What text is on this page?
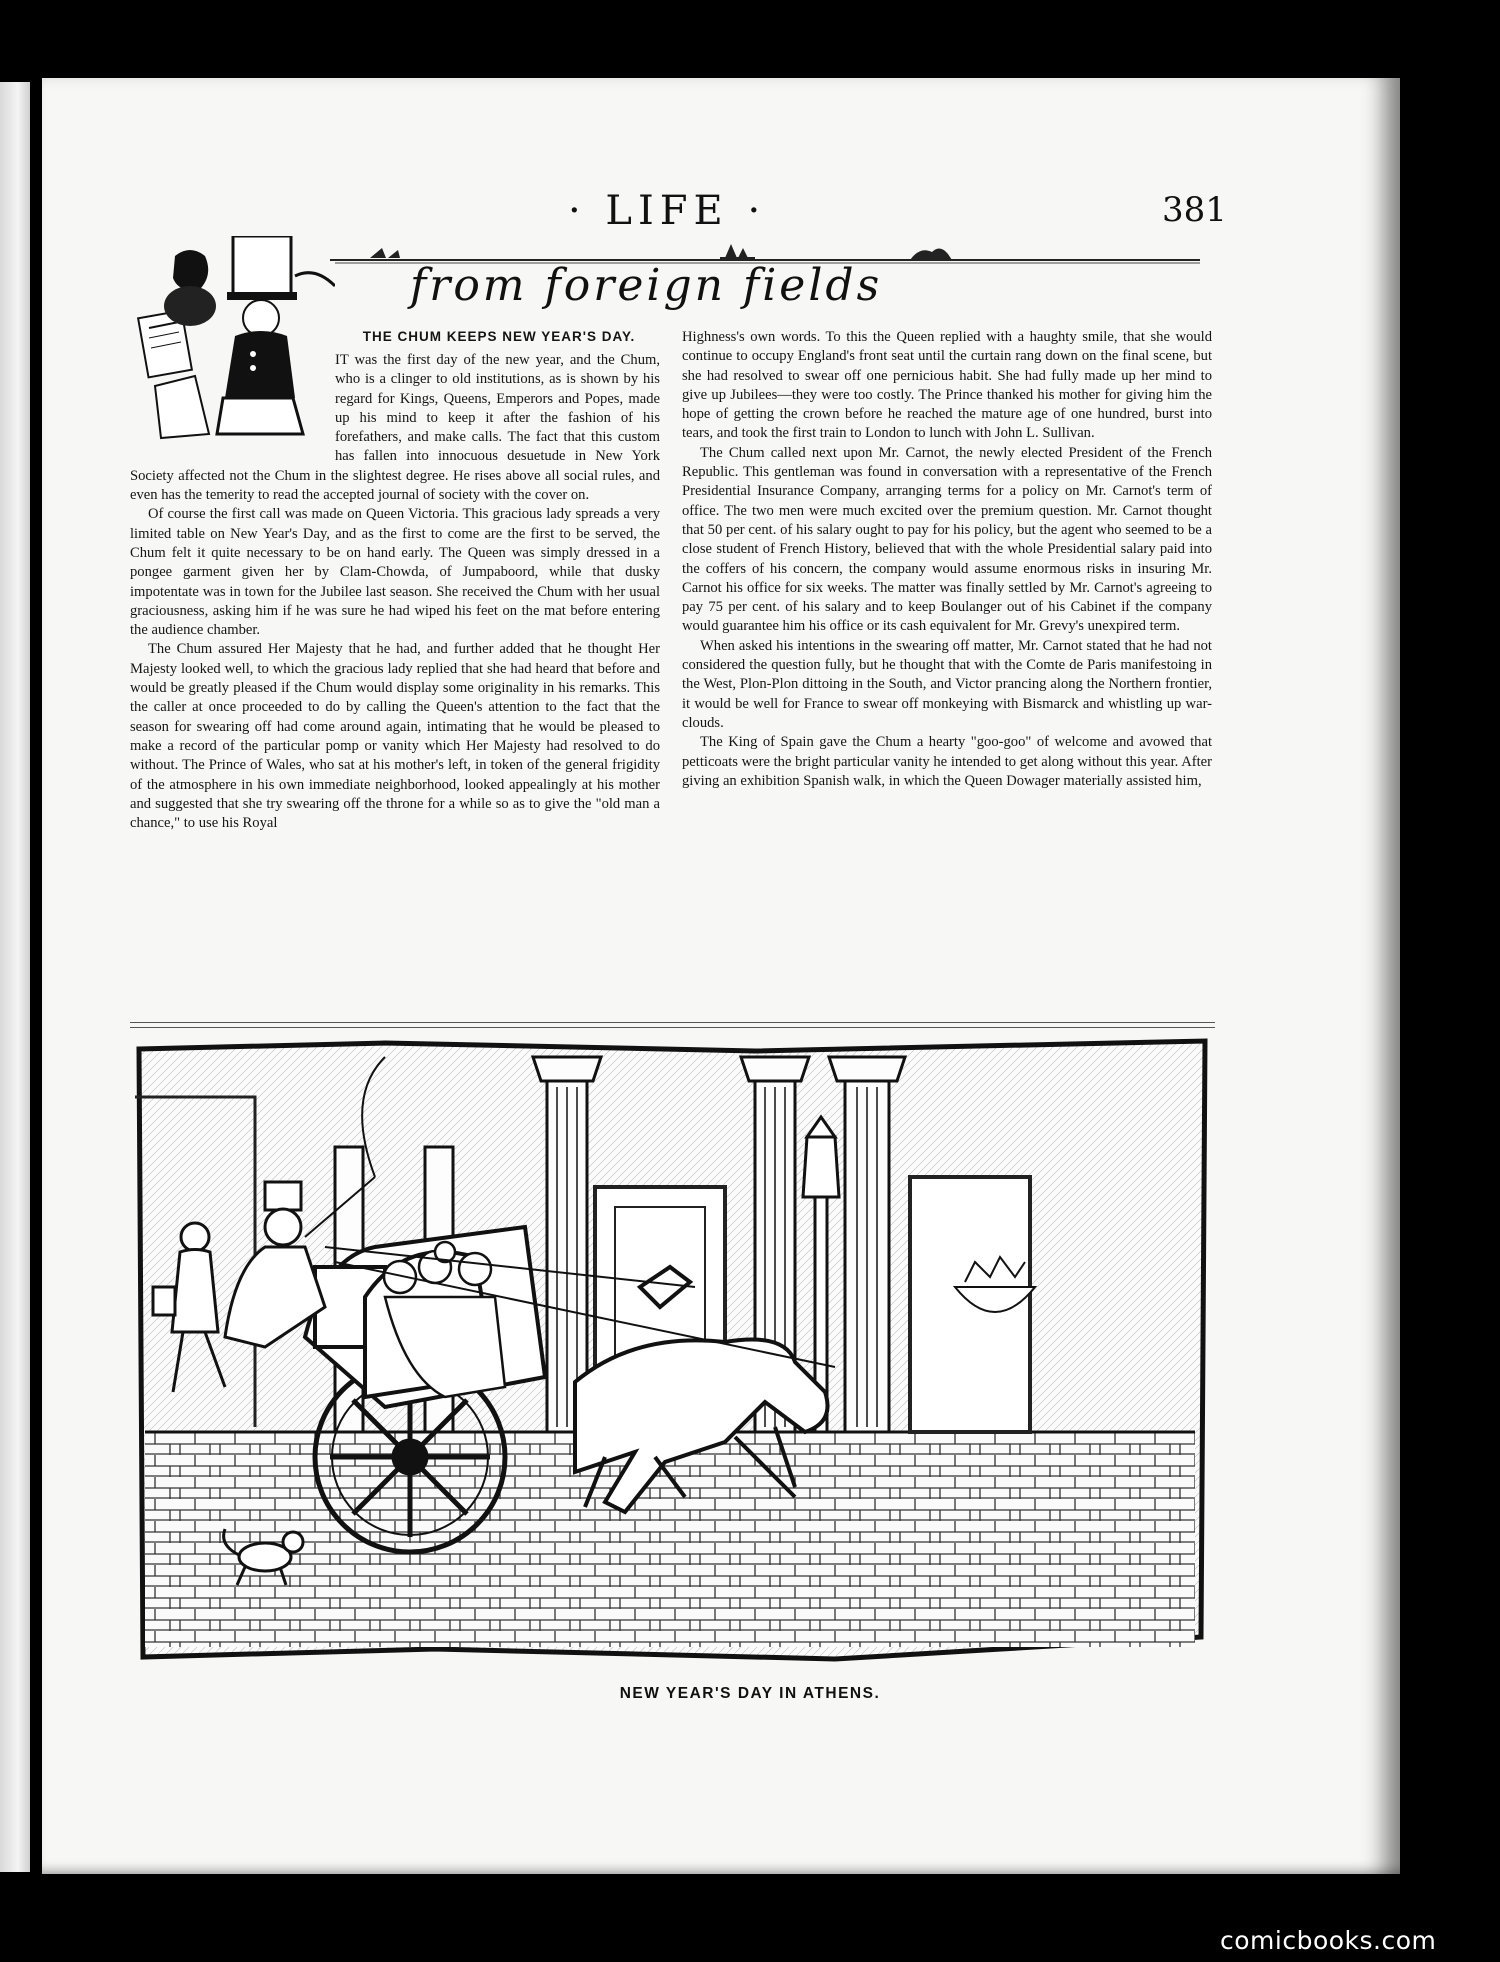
· LIFE ·	381
from foreign fields
THE CHUM KEEPS NEW YEAR'S DAY.

IT was the first day of the new year, and the Chum, who is a clinger to old institutions, as is shown by his regard for Kings, Queens, Emperors and Popes, made up his mind to keep it after the fashion of his forefathers, and make calls. The fact that this custom has fallen into innocuous desuetude in New York Society affected not the Chum in the slightest degree. He rises above all social rules, and even has the temerity to read the accepted journal of society with the cover on.

Of course the first call was made on Queen Victoria. This gracious lady spreads a very limited table on New Year's Day, and as the first to come are the first to be served, the Chum felt it quite necessary to be on hand early. The Queen was simply dressed in a pongee garment given her by Clam-Chowda, of Jumpaboord, while that dusky impotentate was in town for the Jubilee last season. She received the Chum with her usual graciousness, asking him if he was sure he had wiped his feet on the mat before entering the audience chamber.

The Chum assured Her Majesty that he had, and further added that he thought Her Majesty looked well, to which the gracious lady replied that she had heard that before and would be greatly pleased if the Chum would display some originality in his remarks. This the caller at once proceeded to do by calling the Queen's attention to the fact that the season for swearing off had come around again, intimating that he would be pleased to make a record of the particular pomp or vanity which Her Majesty had resolved to do without. The Prince of Wales, who sat at his mother's left, in token of the general frigidity of the atmosphere in his own immediate neighborhood, looked appealingly at his mother and suggested that she try swearing off the throne for a while so as to give the "old man a chance," to use his Royal

Highness's own words. To this the Queen replied with a haughty smile, that she would continue to occupy England's front seat until the curtain rang down on the final scene, but she had resolved to swear off one pernicious habit. She had fully made up her mind to give up Jubilees—they were too costly. The Prince thanked his mother for giving him the hope of getting the crown before he reached the mature age of one hundred, burst into tears, and took the first train to London to lunch with John L. Sullivan.

The Chum called next upon Mr. Carnot, the newly elected President of the French Republic. This gentleman was found in conversation with a representative of the French Presidential Insurance Company, arranging terms for a policy on Mr. Carnot's term of office. The two men were much excited over the premium question. Mr. Carnot thought that 50 per cent. of his salary ought to pay for his policy, but the agent who seemed to be a close student of French History, believed that with the whole Presidential salary paid into the coffers of his concern, the company would assume enormous risks in insuring Mr. Carnot his office for six weeks. The matter was finally settled by Mr. Carnot's agreeing to pay 75 per cent. of his salary and to keep Boulanger out of his Cabinet if the company would guarantee him his office or its cash equivalent for Mr. Grevy's unexpired term.

When asked his intentions in the swearing off matter, Mr. Carnot stated that he had not considered the question fully, but he thought that with the Comte de Paris manifestoing in the West, Plon-Plon dittoing in the South, and Victor prancing along the Northern frontier, it would be well for France to swear off monkeying with Bismarck and whistling up war-clouds.

The King of Spain gave the Chum a hearty "goo-goo" of welcome and avowed that petticoats were the bright particular vanity he intended to get along without this year. After giving an exhibition Spanish walk, in which the Queen Dowager materially assisted him,

NEW YEAR'S DAY IN ATHENS.
comicbooks.com
